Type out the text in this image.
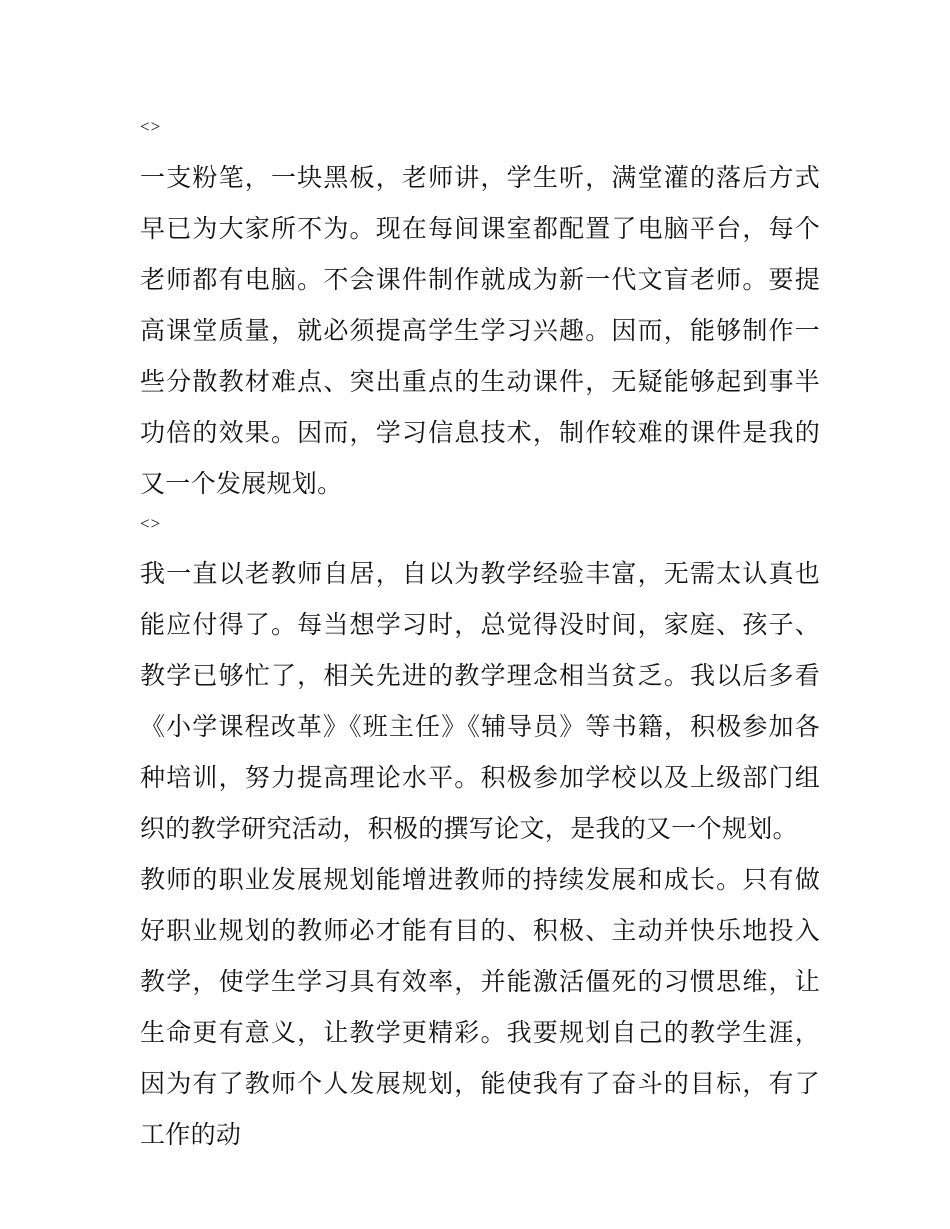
<>

一支粉笔，一块黑板，老师讲，学生听，满堂灌的落后方式早已为大家所不为。现在每间课室都配置了电脑平台，每个老师都有电脑。不会课件制作就成为新一代文盲老师。要提高课堂质量，就必须提高学生学习兴趣。因而，能够制作一些分散教材难点、突出重点的生动课件，无疑能够起到事半功倍的效果。因而，学习信息技术，制作较难的课件是我的又一个发展规划。

<>

我一直以老教师自居，自以为教学经验丰富，无需太认真也能应付得了。每当想学习时，总觉得没时间，家庭、孩子、教学已够忙了，相关先进的教学理念相当贫乏。我以后多看《小学课程改革》《班主任》《辅导员》等书籍，积极参加各种培训，努力提高理论水平。积极参加学校以及上级部门组织的教学研究活动，积极的撰写论文，是我的又一个规划。

教师的职业发展规划能增进教师的持续发展和成长。只有做好职业规划的教师必才能有目的、积极、主动并快乐地投入教学，使学生学习具有效率，并能激活僵死的习惯思维，让生命更有意义，让教学更精彩。我要规划自己的教学生涯，因为有了教师个人发展规划，能使我有了奋斗的目标，有了工作的动
